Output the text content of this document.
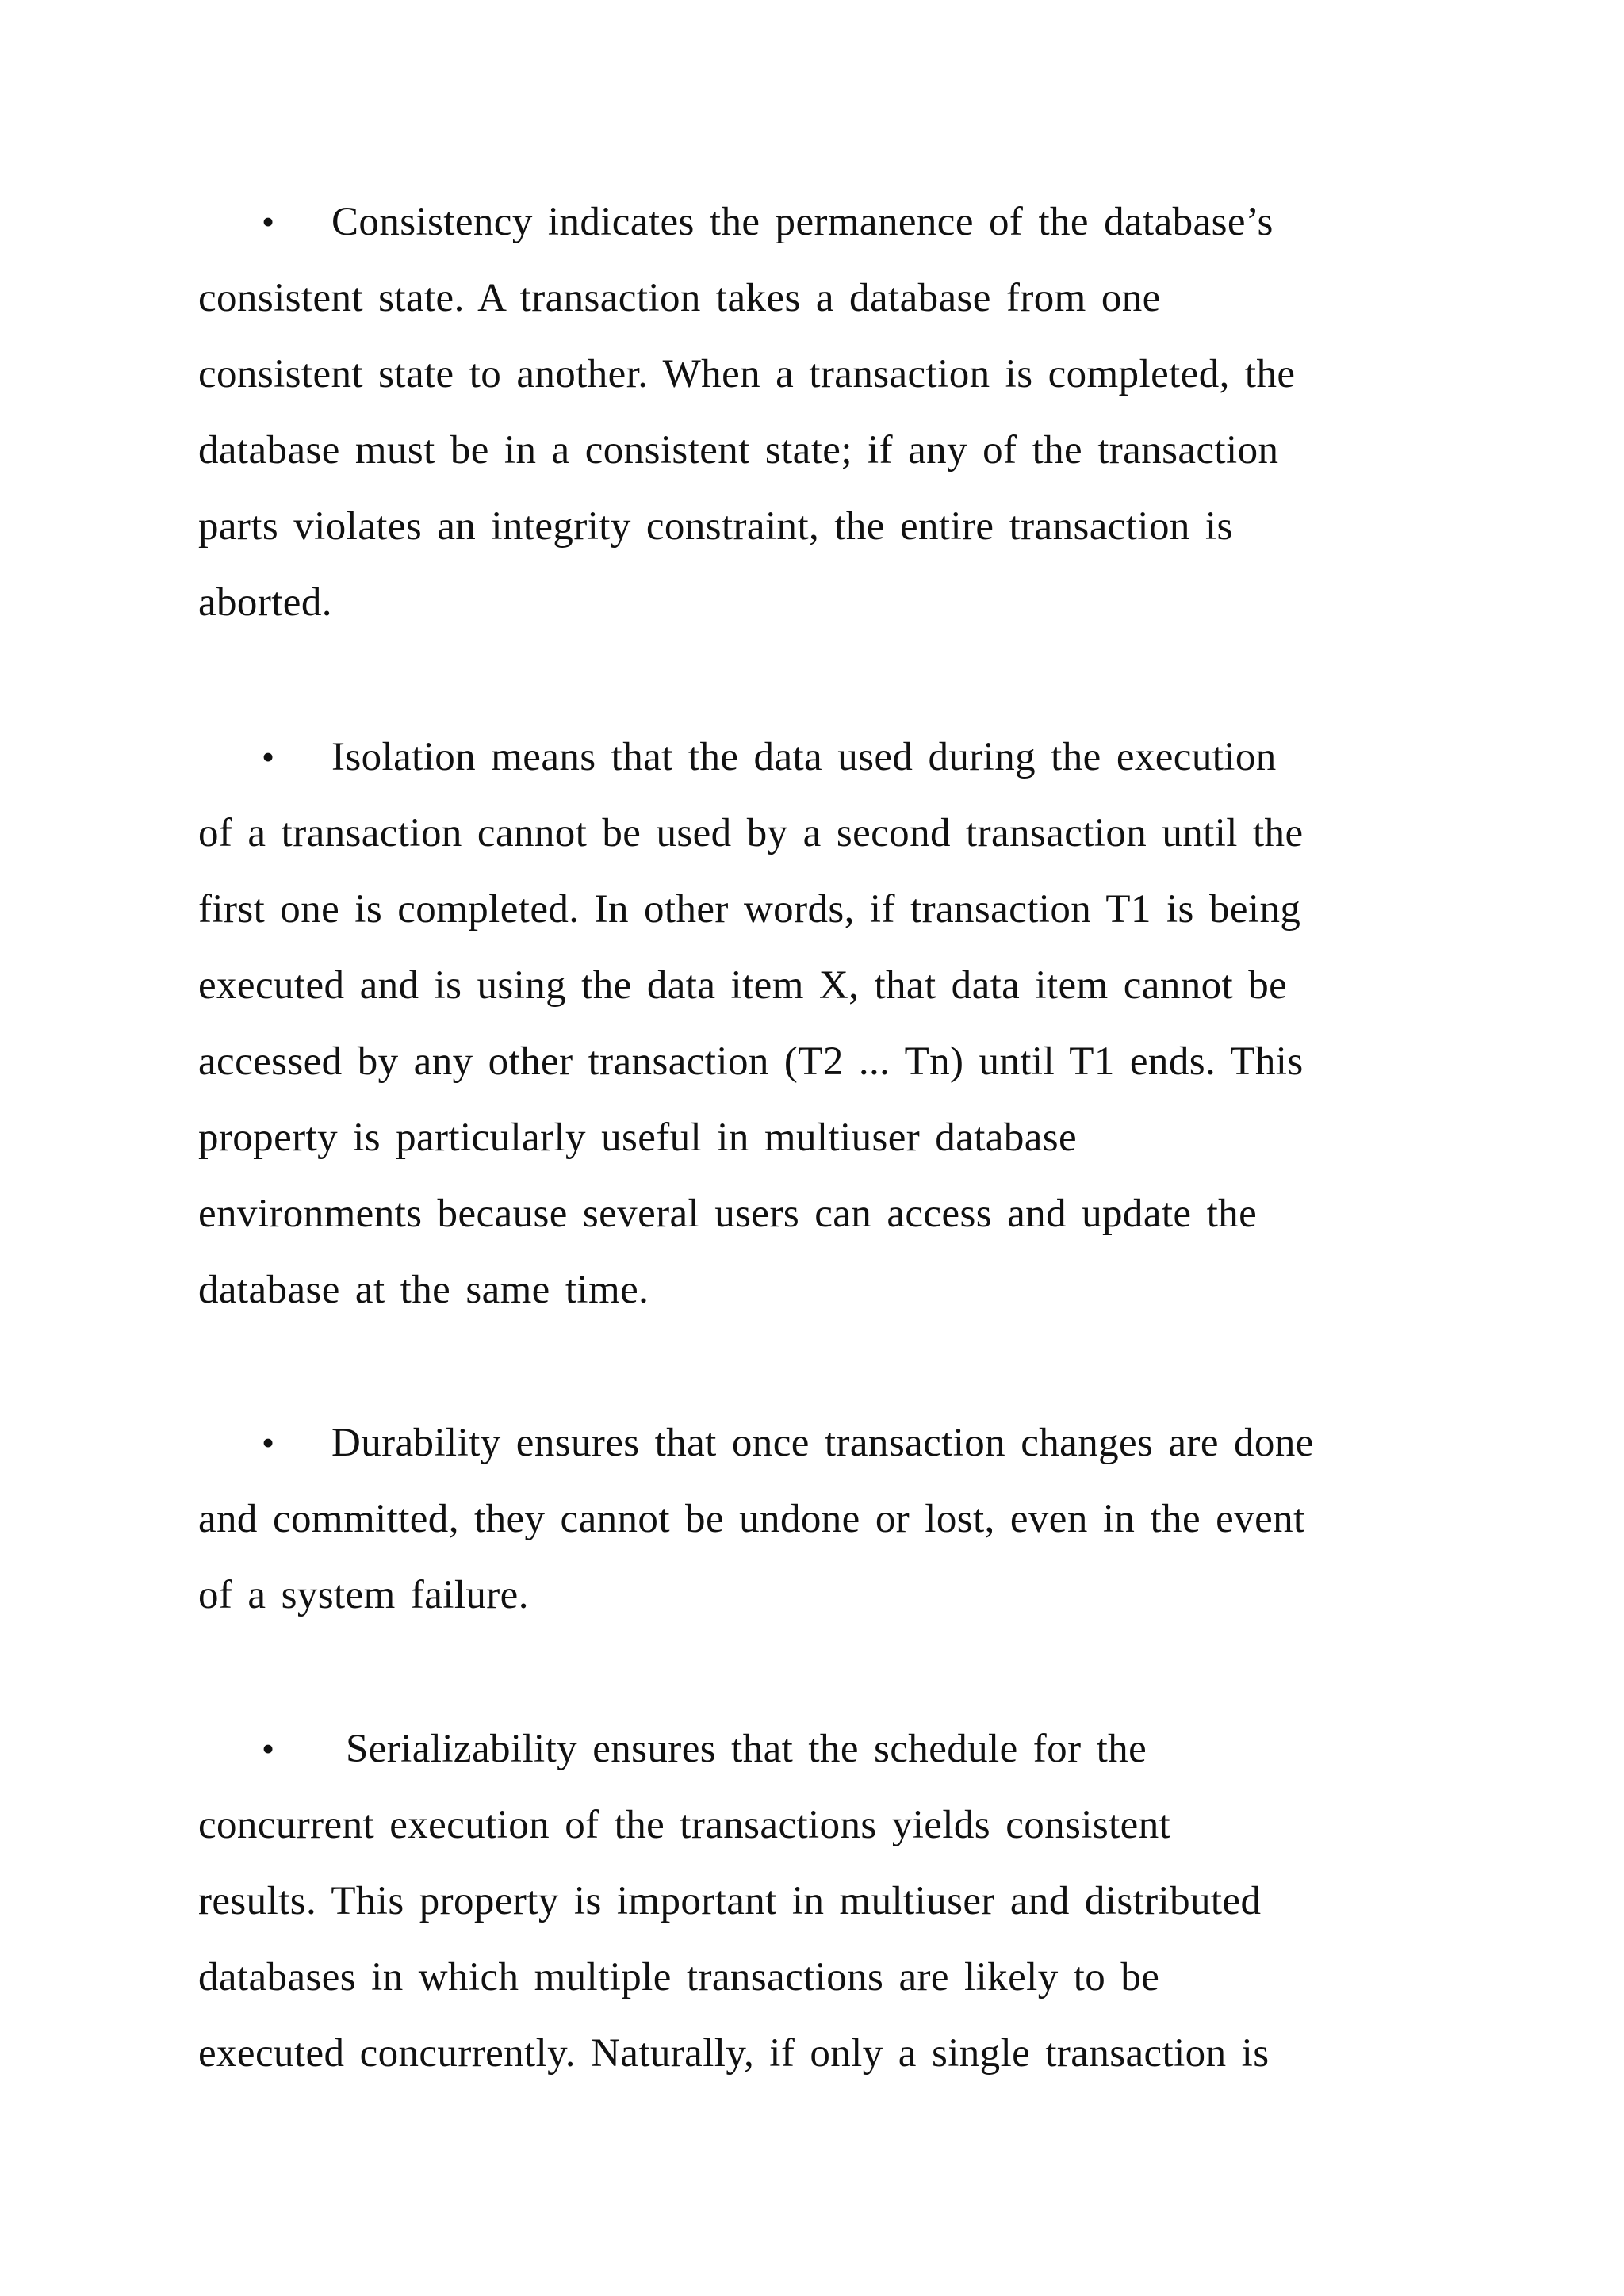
• Consistency indicates the permanence of the database’s
consistent state. A transaction takes a database from one
consistent state to another. When a transaction is completed, the
database must be in a consistent state; if any of the transaction
parts violates an integrity constraint, the entire transaction is
aborted.
• Isolation means that the data used during the execution
of a transaction cannot be used by a second transaction until the
first one is completed. In other words, if transaction T1 is being
executed and is using the data item X, that data item cannot be
accessed by any other transaction (T2 ... Tn) until T1 ends. This
property is particularly useful in multiuser database
environments because several users can access and update the
database at the same time.
• Durability ensures that once transaction changes are done
and committed, they cannot be undone or lost, even in the event
of a system failure.
• Serializability ensures that the schedule for the
concurrent execution of the transactions yields consistent
results. This property is important in multiuser and distributed
databases in which multiple transactions are likely to be
executed concurrently. Naturally, if only a single transaction is
